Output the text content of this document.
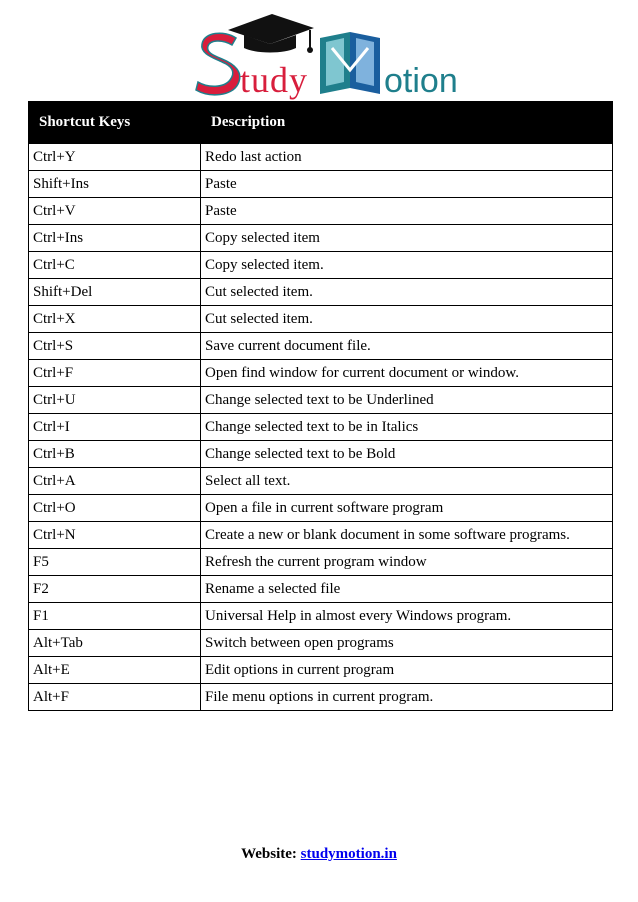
tudy otion
Shortcut Keys	Description
Ctrl+Y	Redo last action
Shift+Ins	Paste
Ctrl+V	Paste
Ctrl+Ins	Copy selected item
Ctrl+C	Copy selected item.
Shift+Del	Cut selected item.
Ctrl+X	Cut selected item.
Ctrl+S	Save current document file.
Ctrl+F	Open find window for current document or window.
Ctrl+U	Change selected text to be Underlined
Ctrl+I	Change selected text to be in Italics
Ctrl+B	Change selected text to be Bold
Ctrl+A	Select all text.
Ctrl+O	Open a file in current software program
Ctrl+N	Create a new or blank document in some software programs.
F5	Refresh the current program window
F2	Rename a selected file
F1	Universal Help in almost every Windows program.
Alt+Tab	Switch between open programs
Alt+E	Edit options in current program
Alt+F	File menu options in current program.
Website: studymotion.in
